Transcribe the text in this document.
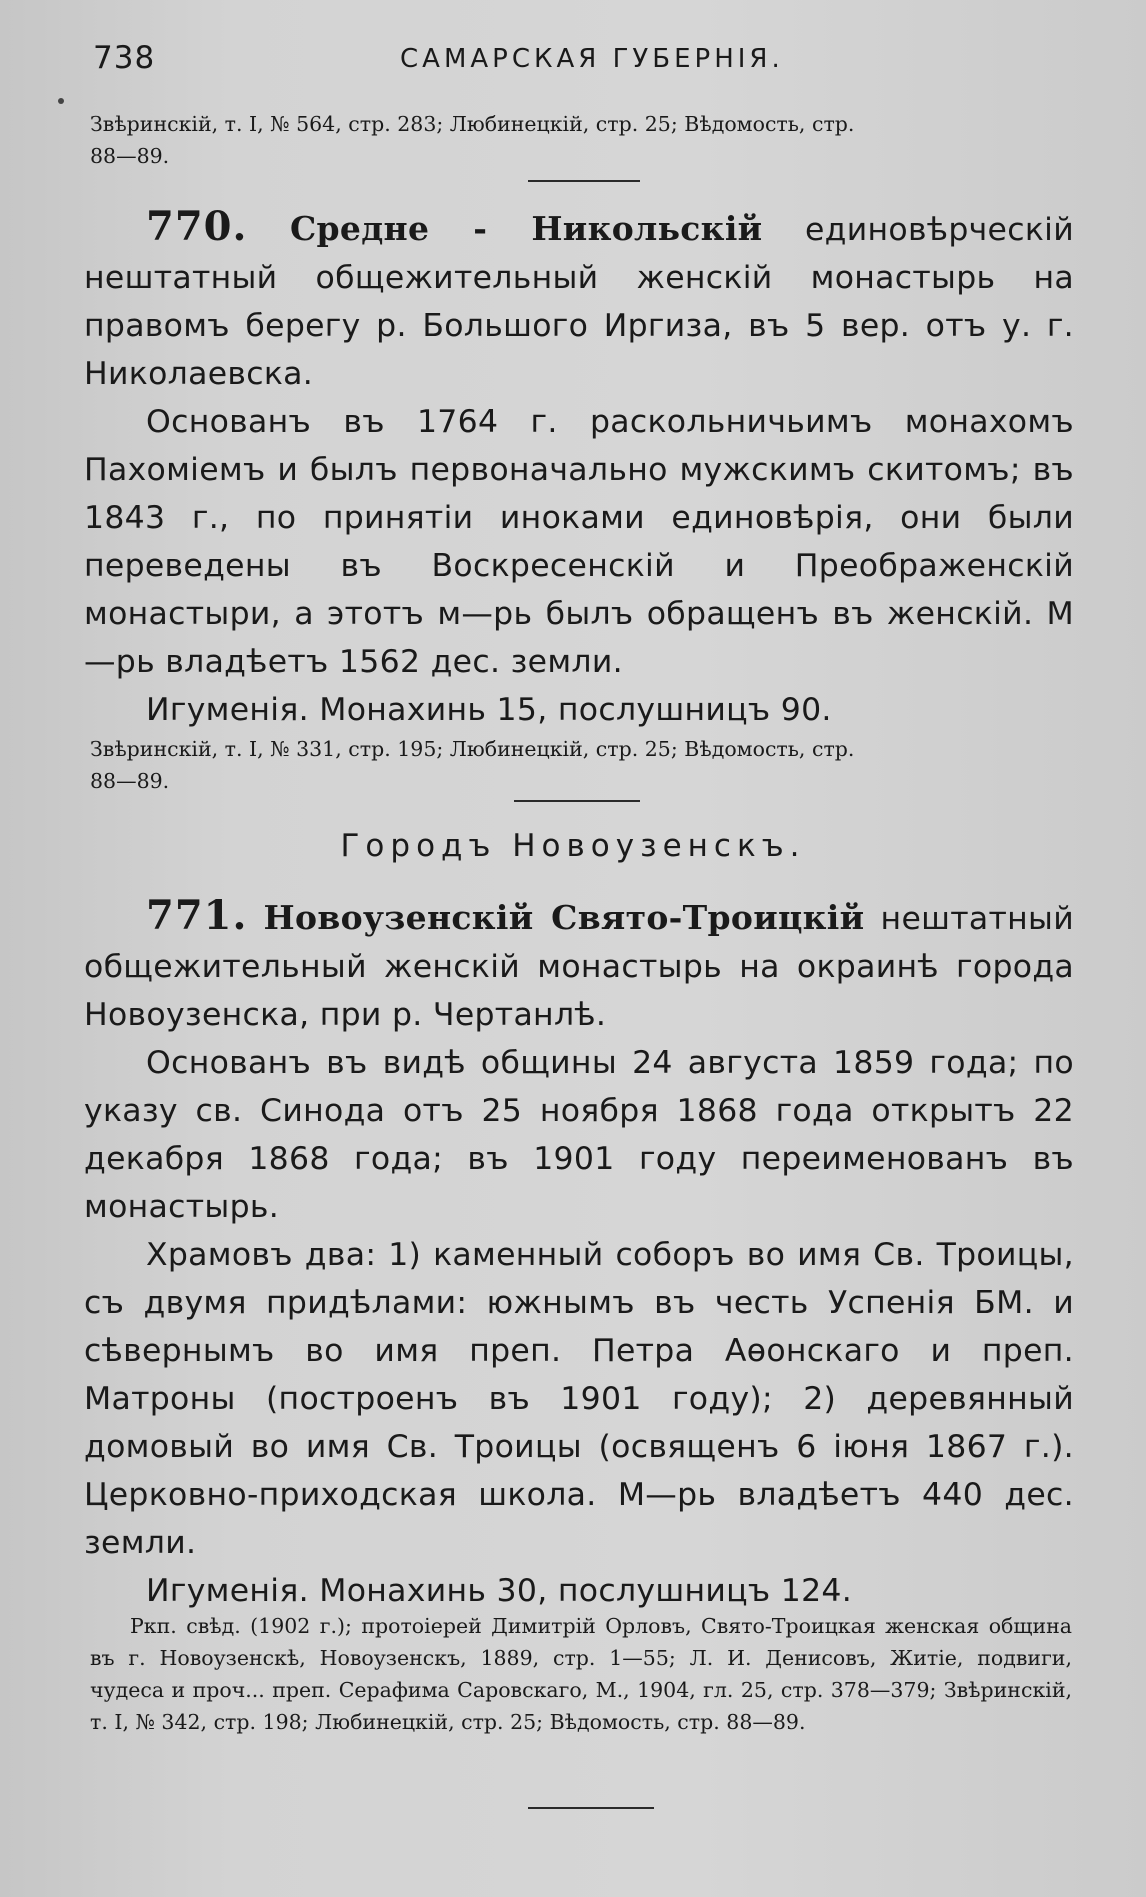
738	САМАРСКАЯ ГУБЕРНІЯ.
Звѣринскій, т. I, № 564, стр. 283; Любинецкій, стр. 25; Вѣдомость, стр.
88—89.

770. Средне - Никольскій единовѣрческій нештатный общежительный женскій монастырь на правомъ берегу р. Большого Иргиза, въ 5 вер. отъ у. г. Николаевска.

Основанъ въ 1764 г. раскольничьимъ монахомъ Пахоміемъ и былъ первоначально мужскимъ скитомъ; въ 1843 г., по принятіи иноками единовѣрія, они были переведены въ Воскресенскій и Преображенскій монастыри, а этотъ м—рь былъ обращенъ въ женскій. М—рь владѣетъ 1562 дес. земли.

Игуменія. Монахинь 15, послушницъ 90.

Звѣринскій, т. I, № 331, стр. 195; Любинецкій, стр. 25; Вѣдомость, стр.
88—89.
Городъ Новоузенскъ.

771. Новоузенскій Свято-Троицкій нештатный общежительный женскій монастырь на окраинѣ города Новоузенска, при р. Чертанлѣ.

Основанъ въ видѣ общины 24 августа 1859 года; по указу св. Синода отъ 25 ноября 1868 года открытъ 22 декабря 1868 года; въ 1901 году переименованъ въ монастырь.

Храмовъ два: 1) каменный соборъ во имя Св. Троицы, съ двумя придѣлами: южнымъ въ честь Успенія БМ. и сѣвернымъ во имя преп. Петра Аѳонскаго и преп. Матроны (построенъ въ 1901 году); 2) деревянный домовый во имя Св. Троицы (освященъ 6 іюня 1867 г.). Церковно-приходская школа. М—рь владѣетъ 440 дес. земли.

Игуменія. Монахинь 30, послушницъ 124.

Ркп. свѣд. (1902 г.); протоіерей Димитрій Орловъ, Свято-Троицкая женская община въ г. Новоузенскѣ, Новоузенскъ, 1889, стр. 1—55; Л. И. Денисовъ, Житіе, подвиги, чудеса и проч... преп. Серафима Саровскаго, М., 1904, гл. 25, стр. 378—379; Звѣринскій, т. I, № 342, стр. 198; Любинецкій, стр. 25; Вѣдомость, стр. 88—89.
